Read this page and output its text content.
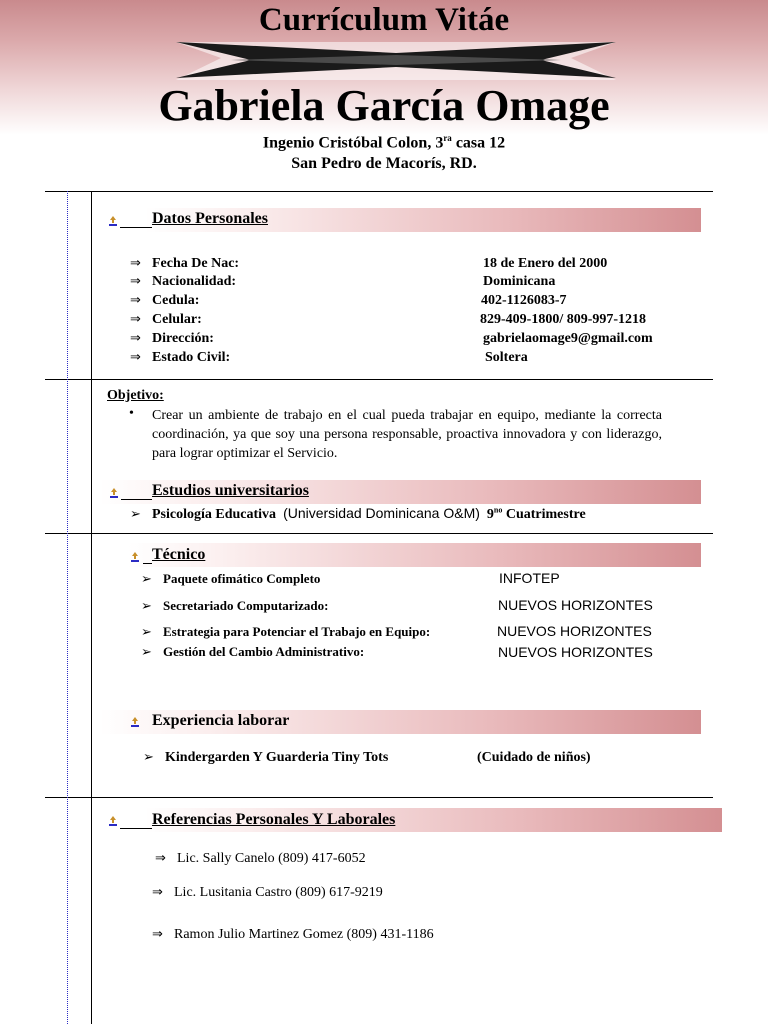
Currículum Vitáe
Gabriela García Omage
Ingenio Cristóbal Colon, $3^{ra}$ casa 12
San Pedro de Macorís, RD.
Datos Personales
⇒ Fecha De Nac:	18 de Enero del 2000
⇒ Nacionalidad:	Dominicana
⇒ Cedula:	402-1126083-7
⇒ Celular:	829-409-1800/ 809-997-1218
⇒ Dirección:	gabrielaomage9@gmail.com
⇒ Estado Civil:	Soltera
Objetivo:
• Crear un ambiente de trabajo en el cual pueda trabajar en equipo, mediante la correcta coordinación, ya que soy una persona responsable, proactiva innovadora y con liderazgo, para lograr optimizar el Servicio.
Estudios universitarios
➢ Psicología Educativa (Universidad Dominicana O&M) $9^{no}$ Cuatrimestre
Técnico
➢ Paquete ofimático Completo	INFOTEP
➢ Secretariado Computarizado:	NUEVOS HORIZONTES
➢ Estrategia para Potenciar el Trabajo en Equipo:	NUEVOS HORIZONTES
➢ Gestión del Cambio Administrativo:	NUEVOS HORIZONTES
Experiencia laborar
➢ Kindergarden Y Guarderia Tiny Tots	(Cuidado de niños)
Referencias Personales Y Laborales
⇒ Lic. Sally Canelo (809) 417-6052
⇒ Lic. Lusitania Castro (809) 617-9219
⇒ Ramon Julio Martinez Gomez (809) 431-1186
